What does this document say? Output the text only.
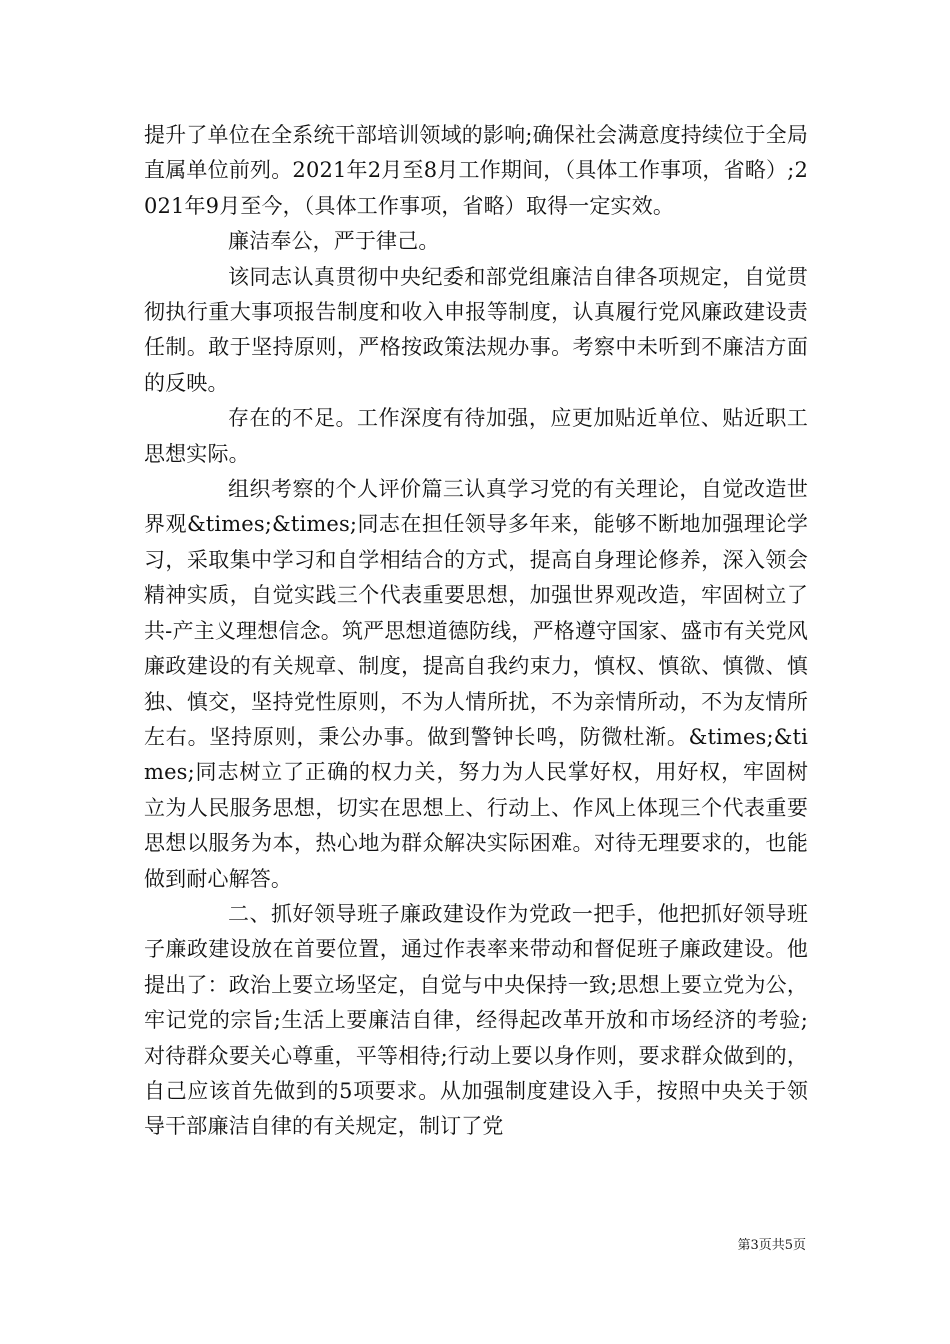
提升了单位在全系统干部培训领域的影响;确保社会满意度持续位于全局直属单位前列。2021年2月至8月工作期间，（具体工作事项，省略）;2021年9月至今，（具体工作事项，省略）取得一定实效。

廉洁奉公，严于律己。

该同志认真贯彻中央纪委和部党组廉洁自律各项规定，自觉贯彻执行重大事项报告制度和收入申报等制度，认真履行党风廉政建设责任制。敢于坚持原则，严格按政策法规办事。考察中未听到不廉洁方面的反映。

存在的不足。工作深度有待加强，应更加贴近单位、贴近职工思想实际。

组织考察的个人评价篇三认真学习党的有关理论，自觉改造世界观&times;&times;同志在担任领导多年来，能够不断地加强理论学习，采取集中学习和自学相结合的方式，提高自身理论修养，深入领会精神实质，自觉实践三个代表重要思想，加强世界观改造，牢固树立了共-产主义理想信念。筑严思想道德防线，严格遵守国家、盛市有关党风廉政建设的有关规章、制度，提高自我约束力，慎权、慎欲、慎微、慎独、慎交，坚持党性原则，不为人情所扰，不为亲情所动，不为友情所左右。坚持原则，秉公办事。做到警钟长鸣，防微杜渐。&times;&times;同志树立了正确的权力关，努力为人民掌好权，用好权，牢固树立为人民服务思想，切实在思想上、行动上、作风上体现三个代表重要思想以服务为本，热心地为群众解决实际困难。对待无理要求的，也能做到耐心解答。

二、抓好领导班子廉政建设作为党政一把手，他把抓好领导班子廉政建设放在首要位置，通过作表率来带动和督促班子廉政建设。他提出了：政治上要立场坚定，自觉与中央保持一致;思想上要立党为公，牢记党的宗旨;生活上要廉洁自律，经得起改革开放和市场经济的考验;对待群众要关心尊重，平等相待;行动上要以身作则，要求群众做到的，自己应该首先做到的5项要求。从加强制度建设入手，按照中央关于领导干部廉洁自律的有关规定，制订了党

第3页共5页
